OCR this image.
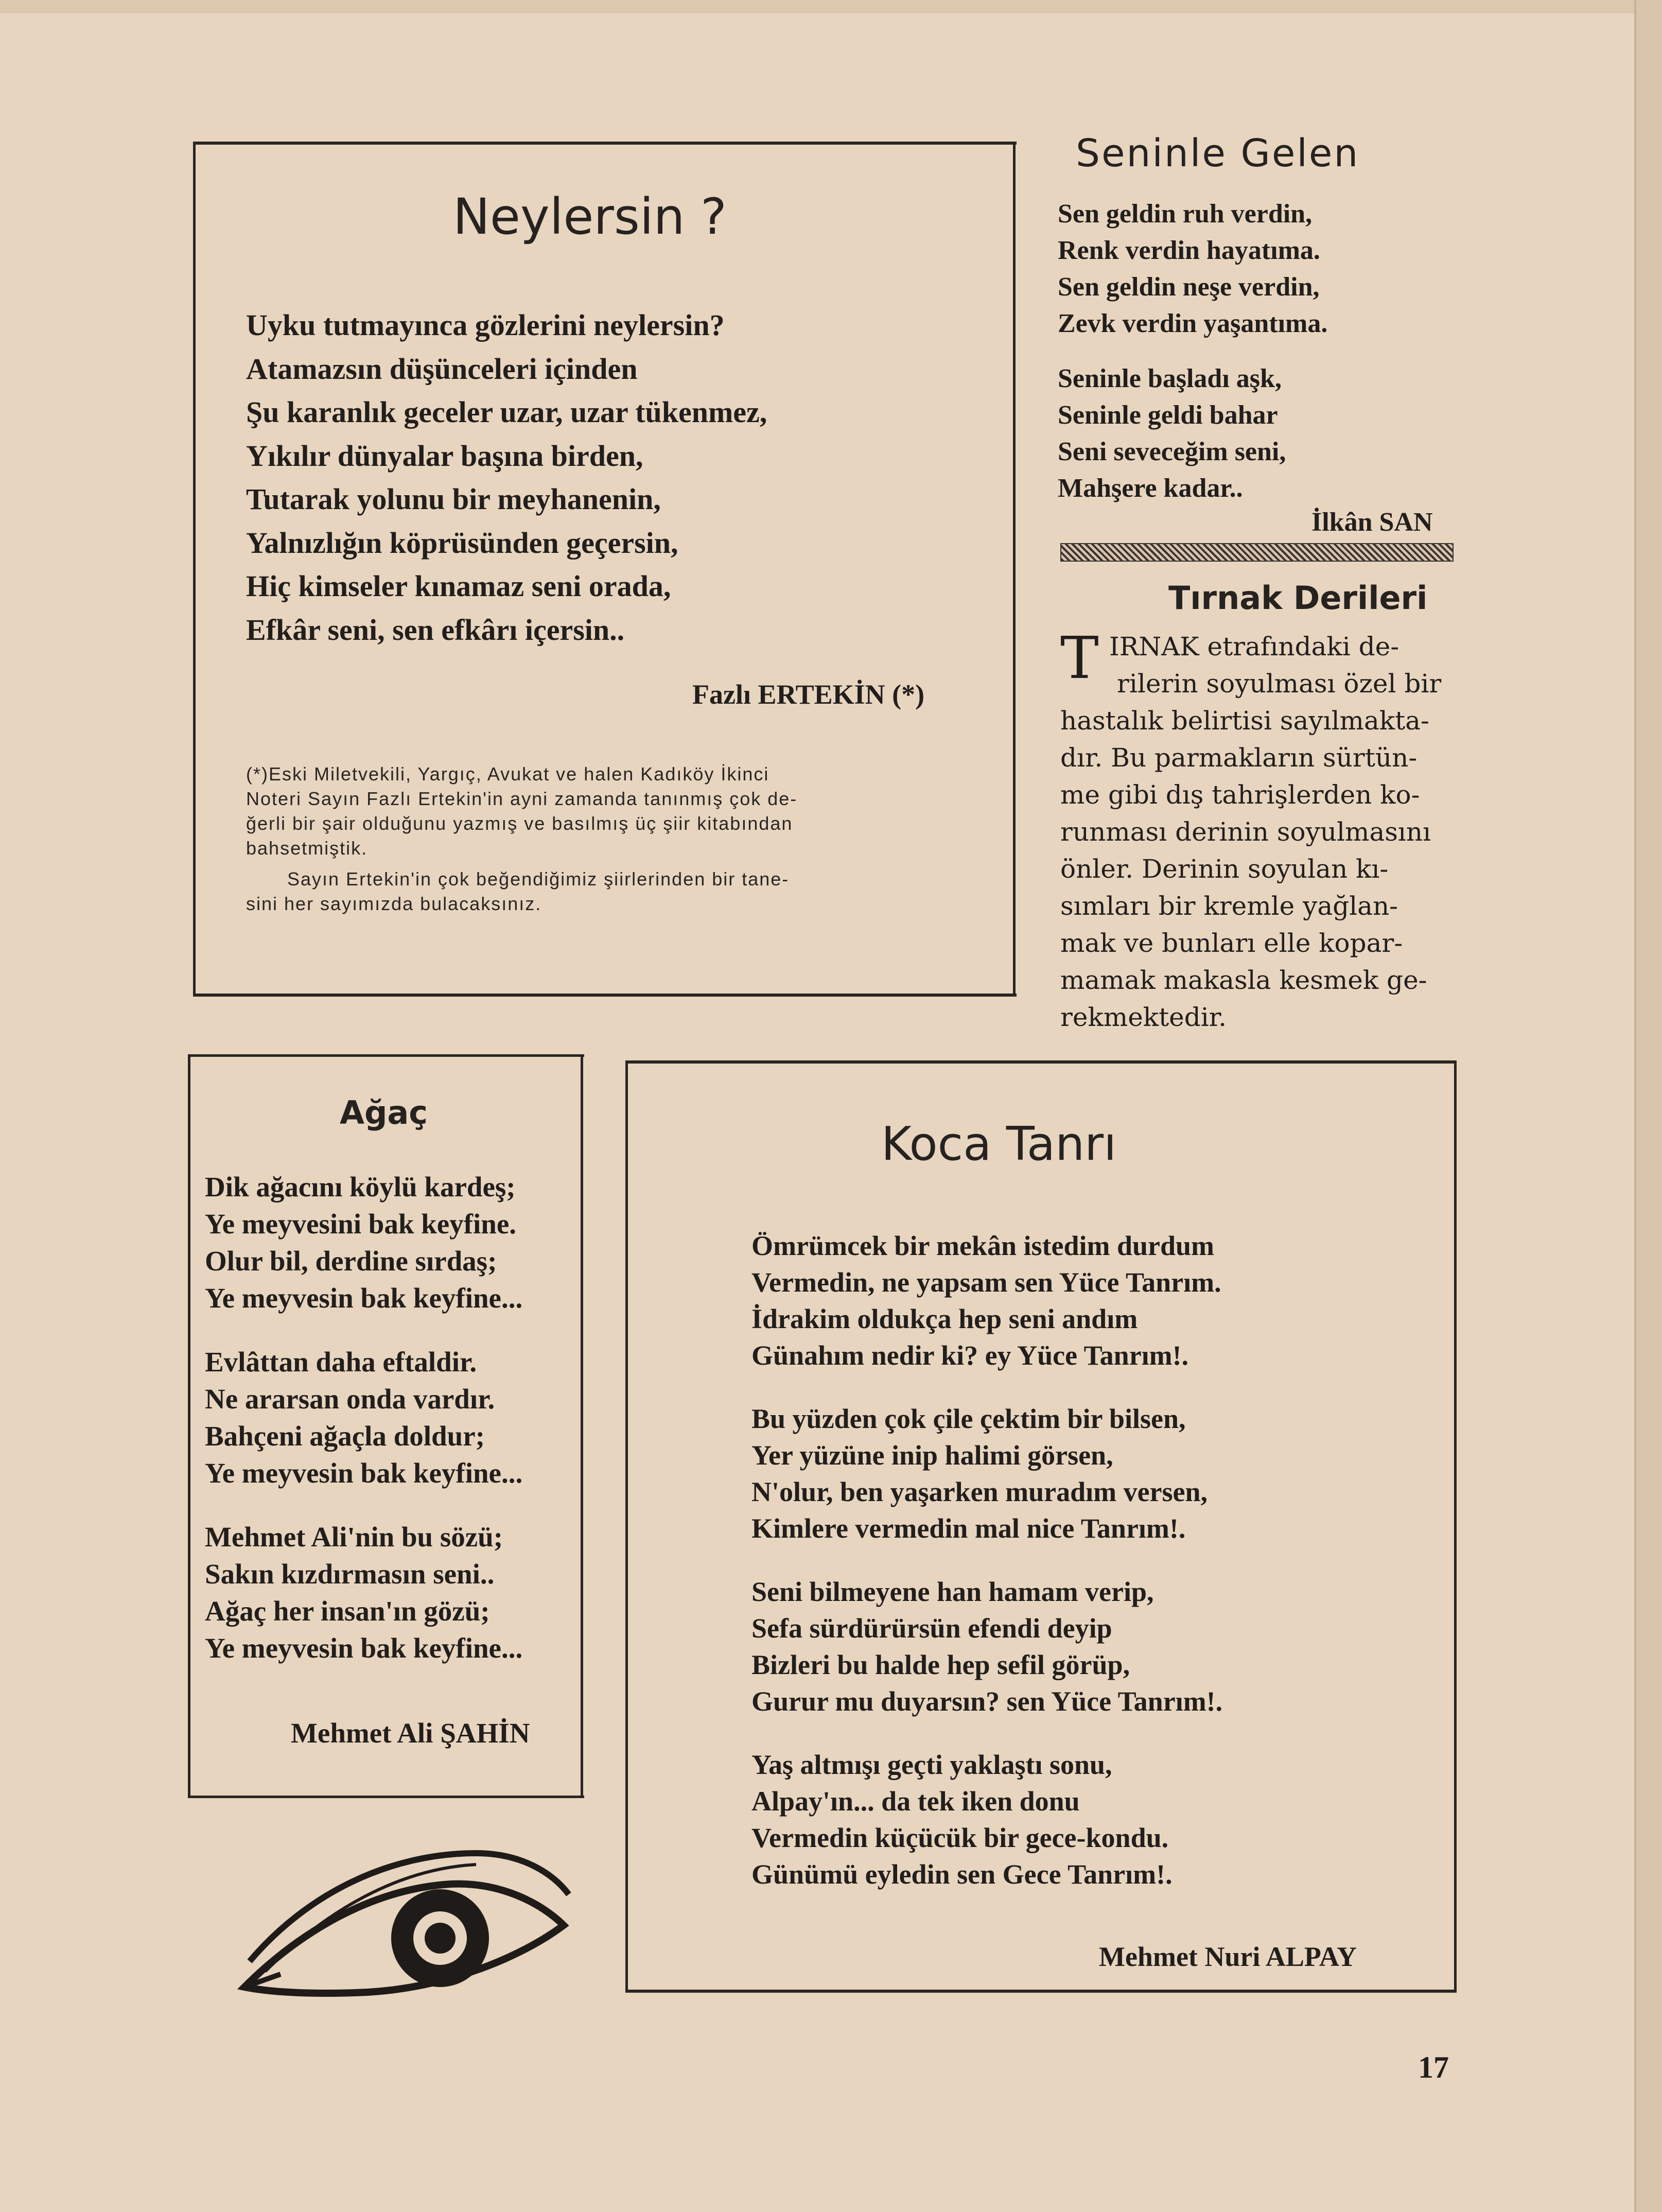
Neylersin ?
Uyku tutmayınca gözlerini neylersin?
Atamazsın düşünceleri içinden
Şu karanlık geceler uzar, uzar tükenmez,
Yıkılır dünyalar başına birden,
Tutarak yolunu bir meyhanenin,
Yalnızlığın köprüsünden geçersin,
Hiç kimseler kınamaz seni orada,
Efkâr seni, sen efkârı içersin..
Fazlı ERTEKİN (*)
(*)Eski Miletvekili, Yargıç, Avukat ve halen Kadıköy İkinci
Noteri Sayın Fazlı Ertekin'in ayni zamanda tanınmış çok de-
ğerli bir şair olduğunu yazmış ve basılmış üç şiir kitabından
bahsetmiştik.
Sayın Ertekin'in çok beğendiğimiz şiirlerinden bir tane-
sini her sayımızda bulacaksınız.
Seninle Gelen
Sen geldin ruh verdin,
Renk verdin hayatıma.
Sen geldin neşe verdin,
Zevk verdin yaşantıma.
Seninle başladı aşk,
Seninle geldi bahar
Seni seveceğim seni,
Mahşere kadar..
İlkân SAN
Tırnak Derileri
T IRNAK etrafındaki de-
rilerin soyulması özel bir
hastalık belirtisi sayılmakta-
dır. Bu parmakların sürtün-
me gibi dış tahrişlerden ko-
runması derinin soyulmasını
önler. Derinin soyulan kı-
sımları bir kremle yağlan-
mak ve bunları elle kopar-
mamak makasla kesmek ge-
rekmektedir.
Ağaç
Dik ağacını köylü kardeş;
Ye meyvesini bak keyfine.
Olur bil, derdine sırdaş;
Ye meyvesin bak keyfine...
Evlâttan daha eftaldir.
Ne ararsan onda vardır.
Bahçeni ağaçla doldur;
Ye meyvesin bak keyfine...
Mehmet Ali'nin bu sözü;
Sakın kızdırmasın seni..
Ağaç her insan'ın gözü;
Ye meyvesin bak keyfine...
Mehmet Ali ŞAHİN
Koca Tanrı
Ömrümcek bir mekân istedim durdum
Vermedin, ne yapsam sen Yüce Tanrım.
İdrakim oldukça hep seni andım
Günahım nedir ki? ey Yüce Tanrım!.
Bu yüzden çok çile çektim bir bilsen,
Yer yüzüne inip halimi görsen,
N'olur, ben yaşarken muradım versen,
Kimlere vermedin mal nice Tanrım!.
Seni bilmeyene han hamam verip,
Sefa sürdürürsün efendi deyip
Bizleri bu halde hep sefil görüp,
Gurur mu duyarsın? sen Yüce Tanrım!.
Yaş altmışı geçti yaklaştı sonu,
Alpay'ın... da tek iken donu
Vermedin küçücük bir gece-kondu.
Günümü eyledin sen Gece Tanrım!.
Mehmet Nuri ALPAY
17
